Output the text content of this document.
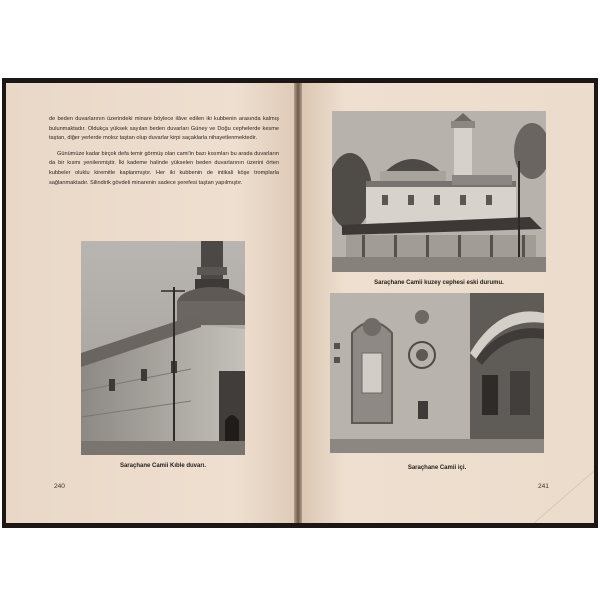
de beden duvarlarının üzerindeki minare böylece ilâve edilen iki kubbenin arasında kalmış bulunmaktadır. Oldukça yüksek sayılan beden duvarları Güney ve Doğu cephelerde kesme taştan, diğer yerlerde moloz taştan olup duvarlar kirpi saçaklarla nihayetlenmektedir.

Günümüze kadar birçok defa temir görmüş olan cami'in bazı kısımları bu arada duvarların da bir kısmı yenilenmiştir. İki kademe halinde yükselen beden duvarlarının üzerini örten kubbeler oluklu kiremitle kaplanmıştır. Her iki kubbenin de intikali köşe tromplarla sağlanmaktadır. Silindirik gövdeli minarenin sadece şerefesi taştan yapılmıştır.

Saraçhane Camii Kıble duvarı.
240
Saraçhane Camii kuzey cephesi eski durumu.
Saraçhane Camii içi.
241
